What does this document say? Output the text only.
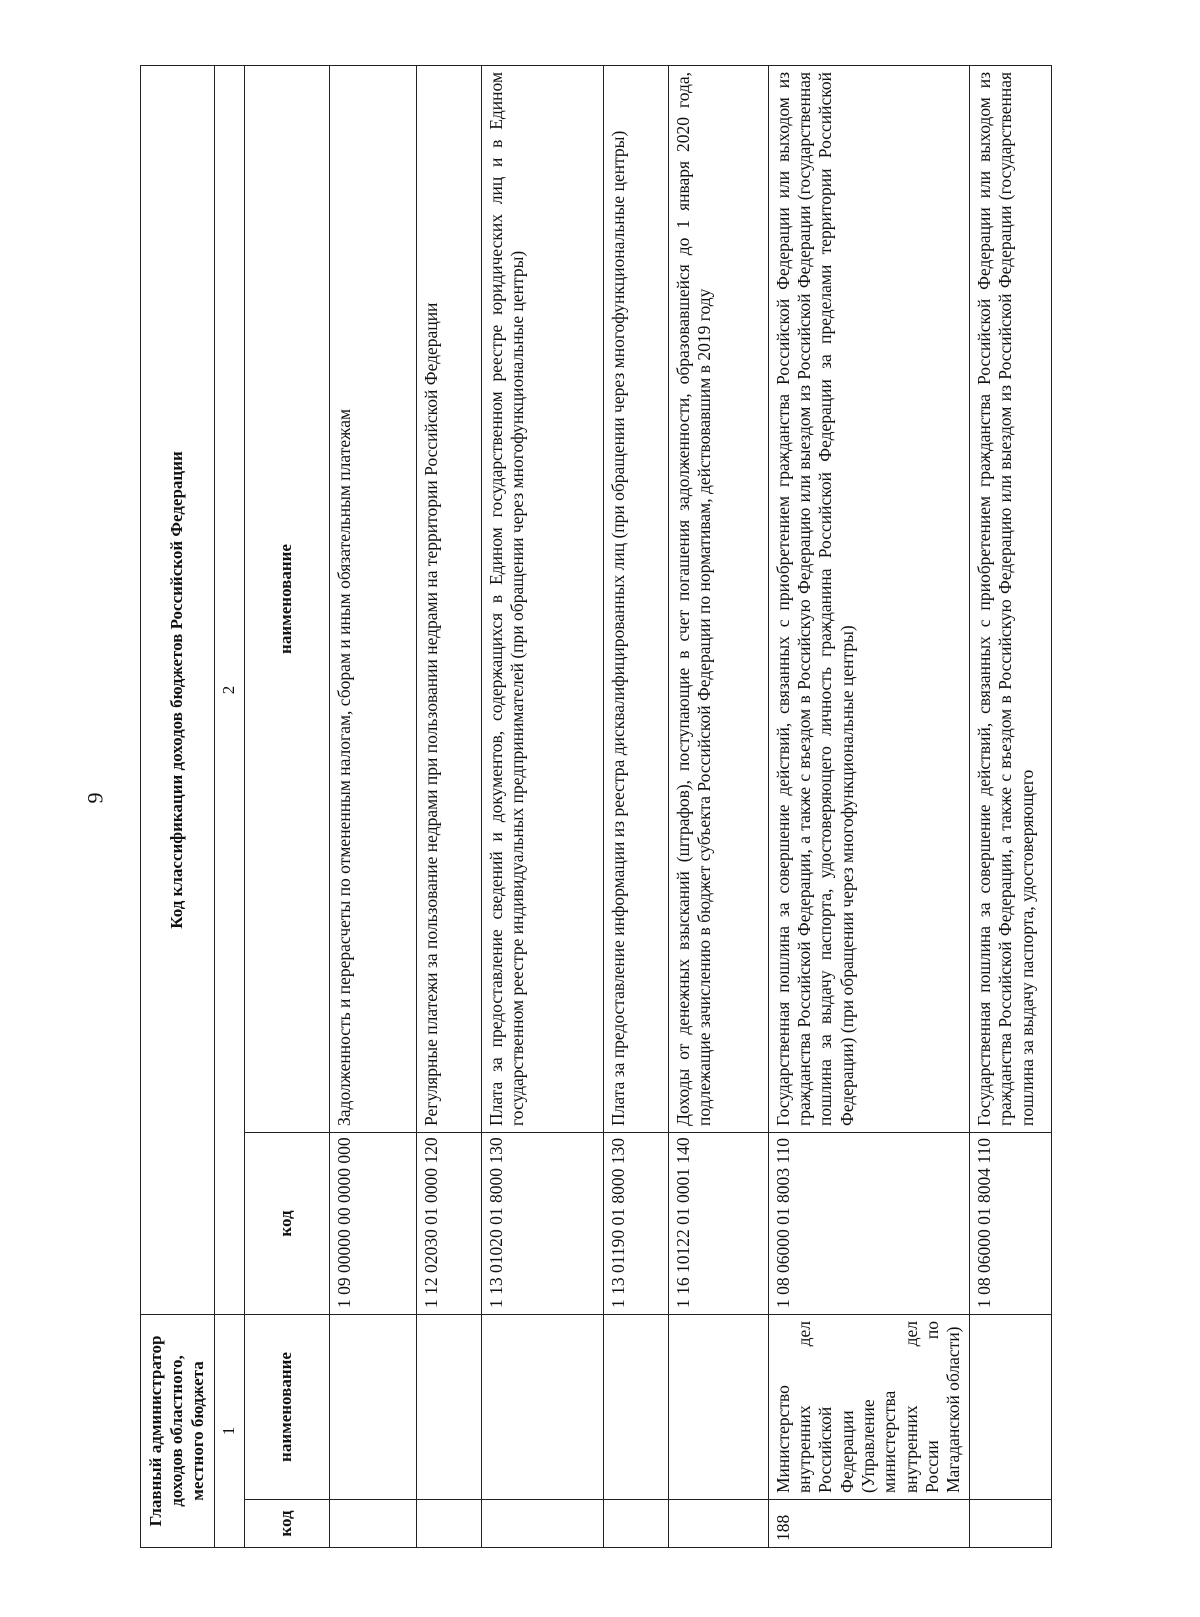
9
Главный администратор доходов областного, местного бюджета		Код классификации доходов бюджетов Российской Федерации	
1		2	
код	наименование	код	наименование
		1 09 00000 00 0000 000	Задолженность и перерасчеты по отмененным налогам, сборам и иным обязательным платежам
		1 12 02030 01 0000 120	Регулярные платежи за пользование недрами при пользовании недрами на территории Российской Федерации
		1 13 01020 01 8000 130	Плата за предоставление сведений и документов, содержащихся в Едином государственном реестре юридических лиц и в Едином государственном реестре индивидуальных предпринимателей (при обращении через многофункциональные центры)
		1 13 01190 01 8000 130	Плата за предоставление информации из реестра дисквалифицированных лиц (при обращении через многофункциональные центры)
		1 16 10122 01 0001 140	Доходы от денежных взысканий (штрафов), поступающие в счет погашения задолженности, образовавшейся до 1 января 2020 года, подлежащие зачислению в бюджет субъекта Российской Федерации по нормативам, действовавшим в 2019 году
188	Министерство внутренних дел Российской Федерации (Управление министерства внутренних дел России по Магаданской области)	1 08 06000 01 8003 110	Государственная пошлина за совершение действий, связанных с приобретением гражданства Российской Федерации или выходом из гражданства Российской Федерации, а также с въездом в Российскую Федерацию или выездом из Российской Федерации (государственная пошлина за выдачу паспорта, удостоверяющего личность гражданина Российской Федерации за пределами территории Российской Федерации) (при обращении через многофункциональные центры)
		1 08 06000 01 8004 110	Государственная пошлина за совершение действий, связанных с приобретением гражданства Российской Федерации или выходом из гражданства Российской Федерации, а также с въездом в Российскую Федерацию или выездом из Российской Федерации (государственная пошлина за выдачу паспорта, удостоверяющего
